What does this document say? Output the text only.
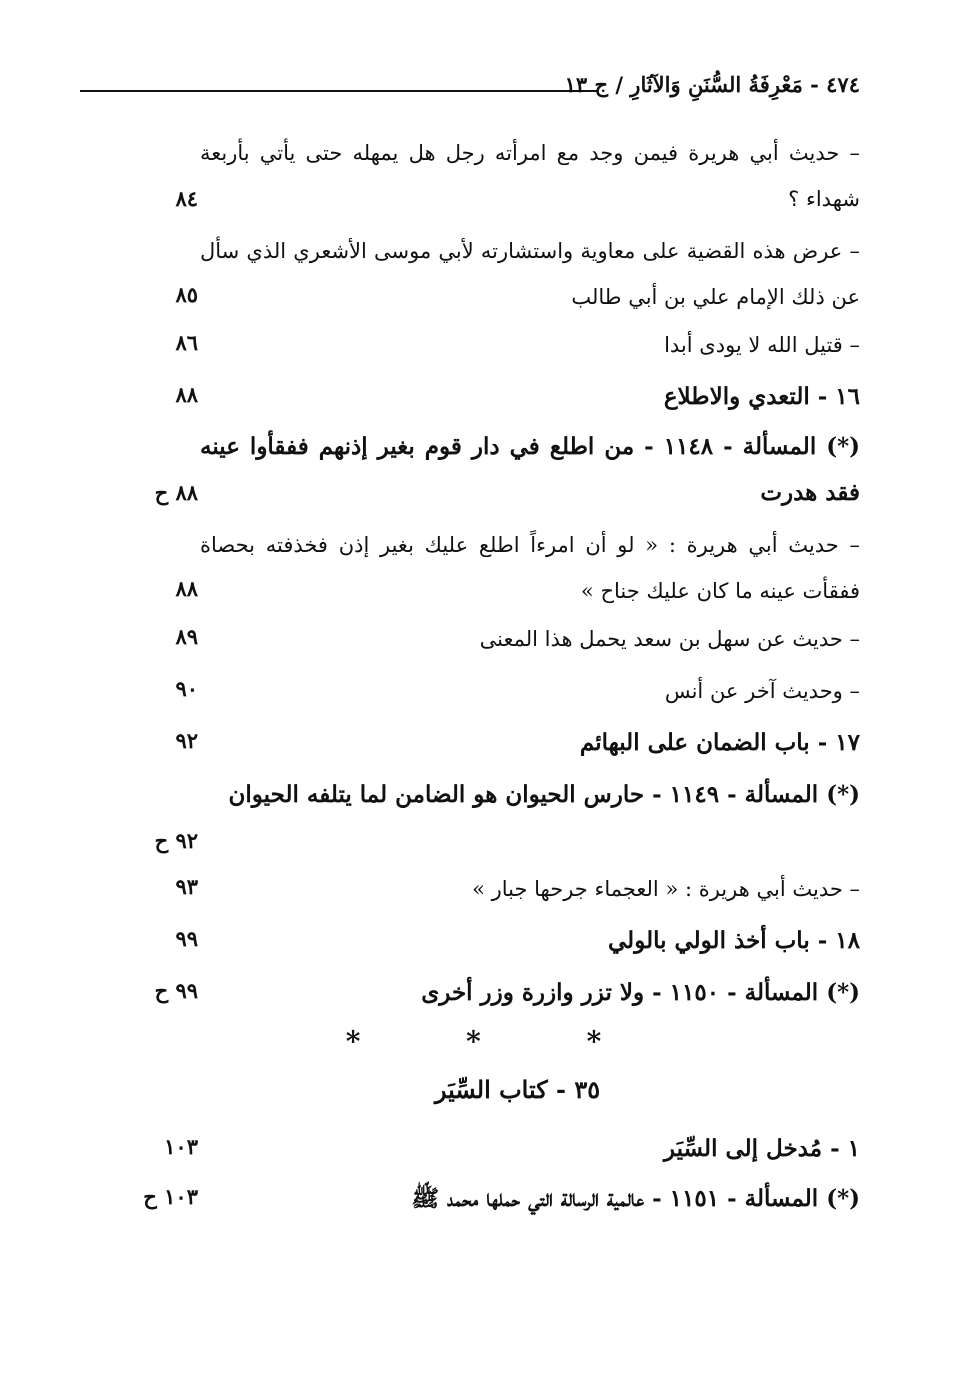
٤٧٤ - مَعْرِفَةُ السُّنَنِ وَالآثَارِ / ج ١٣
– حديث أبي هريرة فيمن وجد مع امرأته رجل هل يمهله حتى يأتي بأربعة شهداء ؟
٨٤
– عرض هذه القضية على معاوية واستشارته لأبي موسى الأشعري الذي سأل عن ذلك الإمام علي بن أبي طالب
٨٥
– قتيل الله لا يودى أبدا
٨٦
١٦ - التعدي والاطلاع
٨٨
(*) المسألة - ١١٤٨ - من اطلع في دار قوم بغير إذنهم ففقأوا عينه فقد هدرت
٨٨ ح
– حديث أبي هريرة : « لو أن امرءاً اطلع عليك بغير إذن فخذفته بحصاة ففقأت عينه ما كان عليك جناح »
٨٨
– حديث عن سهل بن سعد يحمل هذا المعنى
٨٩
– وحديث آخر عن أنس
٩٠
١٧ - باب الضمان على البهائم
٩٢
(*) المسألة - ١١٤٩ - حارس الحيوان هو الضامن لما يتلفه الحيوان
٩٢ ح
– حديث أبي هريرة : « العجماء جرحها جبار »
٩٣
١٨ - باب أخذ الولي بالولي
٩٩
(*) المسألة - ١١٥٠ - ولا تزر وازرة وزر أخرى
٩٩ ح
* * *
٣٥ - كتاب السِّيَر
١ - مُدخل إلى السِّيَر
١٠٣
(*) المسألة - ١١٥١ - عالمية الرسالة التي حملها محمد ﷺ
١٠٣ ح
